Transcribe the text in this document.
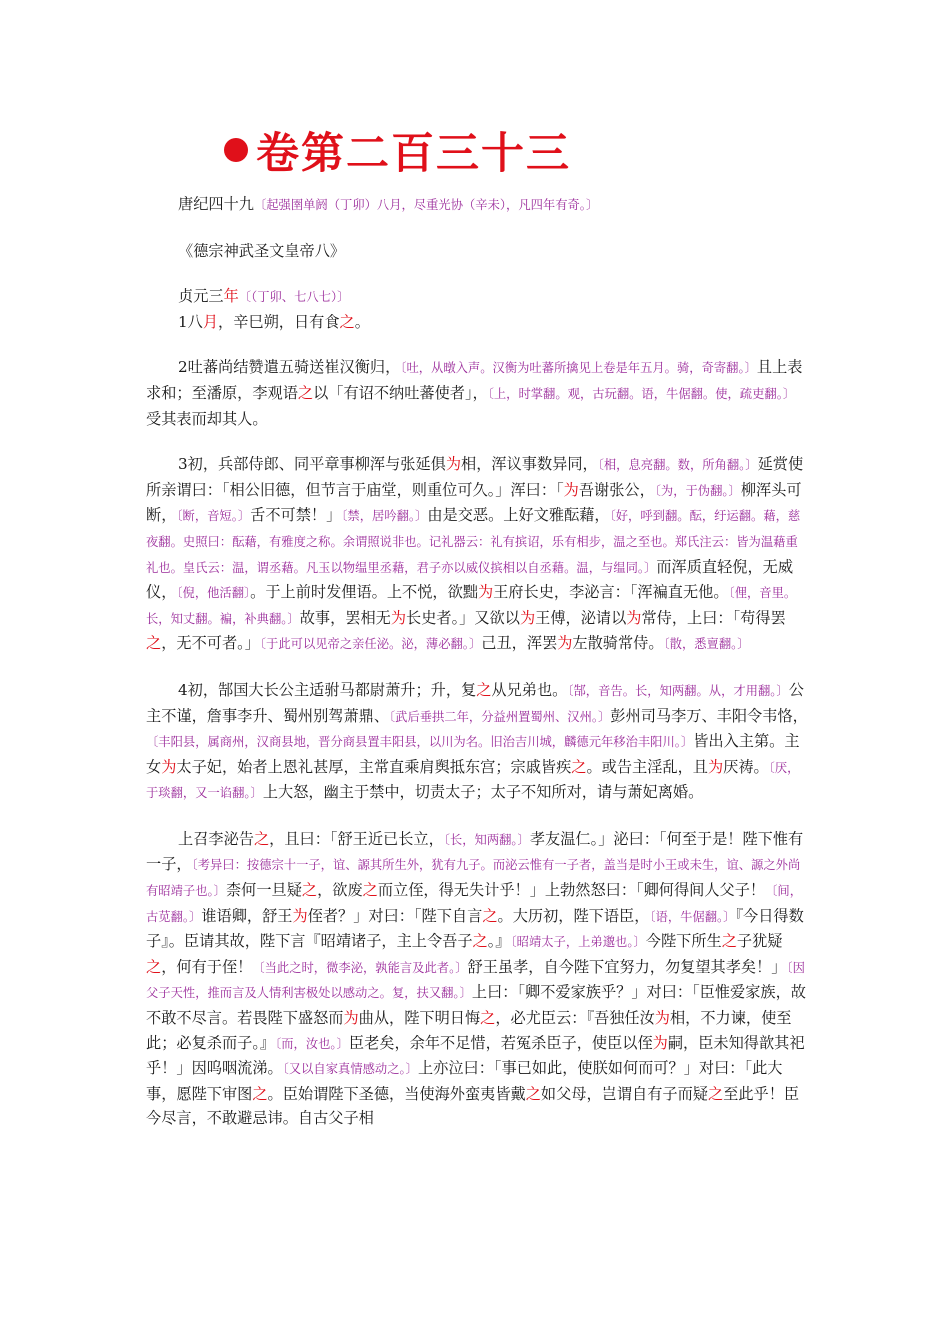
卷第二百三十三

唐纪四十九〔起强圉单阏（丁卯）八月，尽重光协（辛未），凡四年有奇。〕

《德宗神武圣文皇帝八》

贞元三年〔（丁卯、七八七）〕

1八月，辛巳朔，日有食之。

2吐蕃尚结赞遣五骑送崔汉衡归，〔吐，从暾入声。汉衡为吐蕃所擒见上卷是年五月。骑，奇寄翻。〕且上表求和；至潘原，李观语之以「有诏不纳吐蕃使者」，〔上，时掌翻。观，古玩翻。语，牛倨翻。使，疏吏翻。〕受其表而却其人。

3初，兵部侍郎、同平章事柳浑与张延俱为相，浑议事数异同，〔相，息亮翻。数，所角翻。〕延赏使所亲谓曰：「相公旧德，但节言于庙堂，则重位可久。」浑曰：「为吾谢张公，〔为，于伪翻。〕柳浑头可断，〔断，音短。〕舌不可禁！」〔禁，居吟翻。〕由是交恶。上好文雅酝藉，〔好，呼到翻。酝，纡运翻。藉，慈夜翻。史照曰：酝藉，有雅度之称。余谓照说非也。记礼器云：礼有摈诏，乐有相步，温之至也。郑氏注云：皆为温藉重礼也。皇氏云：温，谓丞藉。凡玉以物缊里丞藉，君子亦以威仪摈相以自丞藉。温，与缊同。〕而浑质直轻倪，无威仪，〔倪，他活翻〕。于上前时发俚语。上不悦，欲黜为王府长史，李泌言：「浑褊直无他。〔俚，音里。长，知丈翻。褊，补典翻。〕故事，罢相无为长史者。」又欲以为王傅，泌请以为常侍，上曰：「苟得罢之，无不可者。」〔于此可以见帝之亲任泌。泌，薄必翻。〕己丑，浑罢为左散骑常侍。〔散，悉亶翻。〕

4初，郜国大长公主适驸马都尉萧升；升，复之从兄弟也。〔郜，音告。长，知两翻。从，才用翻。〕公主不谨，詹事李升、蜀州别驾萧鼎、〔武后垂拱二年，分益州置蜀州、汉州。〕彭州司马李万、丰阳令韦恪，〔丰阳县，属商州，汉商县地，晋分商县置丰阳县，以川为名。旧治吉川城，麟德元年移治丰阳川。〕皆出入主第。主女为太子妃，始者上恩礼甚厚，主常直乘肩舆抵东宫；宗戚皆疾之。或告主淫乱，且为厌祷。〔厌，于琰翻，又一谄翻。〕上大怒，幽主于禁中，切责太子；太子不知所对，请与萧妃离婚。

上召李泌告之，且曰：「舒王近已长立，〔长，知两翻。〕孝友温仁。」泌曰：「何至于是！陛下惟有一子，〔考异曰：按德宗十一子，谊、謜其所生外，犹有九子。而泌云惟有一子者，盖当是时小王或未生，谊、謜之外尚有昭靖子也。〕柰何一旦疑之，欲废之而立侄，得无失计乎！」上勃然怒曰：「卿何得间人父子！〔间，古苋翻。〕谁语卿，舒王为侄者？」对曰：「陛下自言之。大历初，陛下语臣，〔语，牛倨翻。〕『今日得数子』。臣请其故，陛下言『昭靖诸子，主上令吾子之。』〔昭靖太子，上弟邈也。〕今陛下所生之子犹疑之，何有于侄！〔当此之时，微李泌，孰能言及此者。〕舒王虽孝，自今陛下宜努力，勿复望其孝矣！」〔因父子天性，推而言及人情利害极处以感动之。复，扶又翻。〕上曰：「卿不爱家族乎？」对曰：「臣惟爱家族，故不敢不尽言。若畏陛下盛怒而为曲从，陛下明日悔之，必尤臣云：『吾独任汝为相，不力谏，使至此；必复杀而子。』〔而，汝也。〕臣老矣，余年不足惜，若冤杀臣子，使臣以侄为嗣，臣未知得歆其祀乎！」因呜咽流涕。〔又以自家真情感动之。〕上亦泣曰：「事已如此，使朕如何而可？」对曰：「此大事，愿陛下审图之。臣始谓陛下圣德，当使海外蛮夷皆戴之如父母，岂谓自有子而疑之至此乎！臣今尽言，不敢避忌讳。自古父子相
